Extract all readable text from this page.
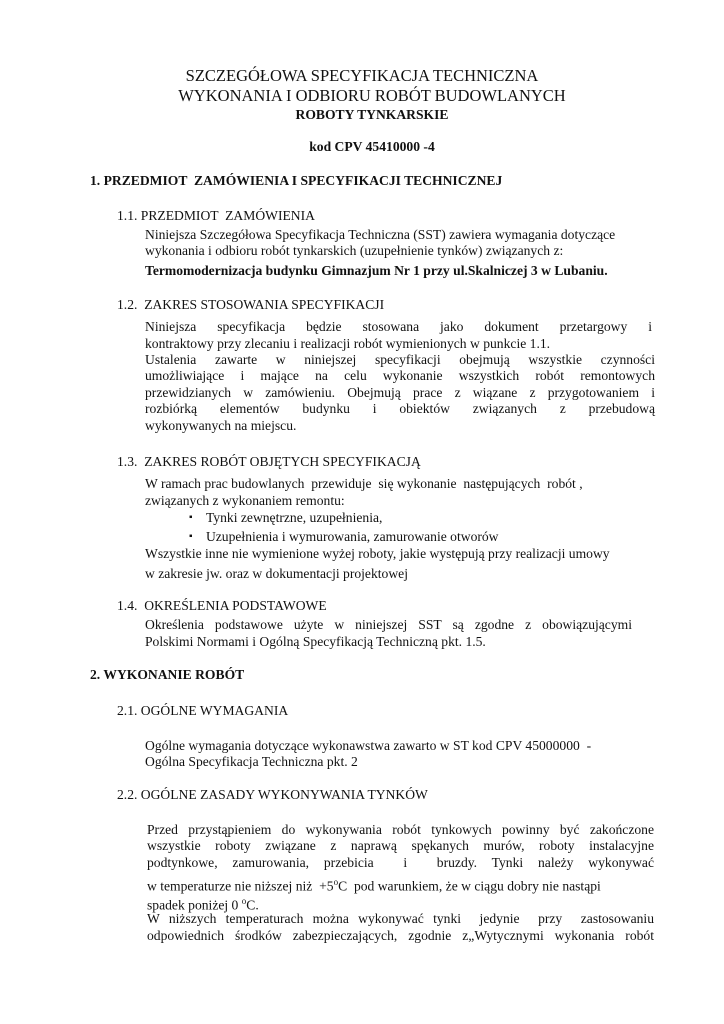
SZCZEGÓŁOWA SPECYFIKACJA TECHNICZNA
WYKONANIA I ODBIORU ROBÓT BUDOWLANYCH
ROBOTY TYNKARSKIE
kod CPV 45410000 -4
1. PRZEDMIOT  ZAMÓWIENIA I SPECYFIKACJI TECHNICZNEJ
1.1. PRZEDMIOT  ZAMÓWIENIA
Niniejsza Szczegółowa Specyfikacja Techniczna (SST) zawiera wymagania dotyczące
wykonania i odbioru robót tynkarskich (uzupełnienie tynków) związanych z:
Termomodernizacja budynku Gimnazjum Nr 1 przy ul.Skalniczej 3 w Lubaniu.
1.2.  ZAKRES STOSOWANIA SPECYFIKACJI
Niniejsza specyfikacja będzie stosowana jako dokument przetargowy i
kontraktowy przy zlecaniu i realizacji robót wymienionych w punkcie 1.1.
Ustalenia zawarte w niniejszej specyfikacji obejmują wszystkie czynności
umożliwiające i mające na celu wykonanie wszystkich robót remontowych
przewidzianych w zamówieniu. Obejmują prace z wiązane z przygotowaniem i
rozbiórką elementów budynku i obiektów związanych z przebudową
wykonywanych na miejscu.
1.3.  ZAKRES ROBÓT OBJĘTYCH SPECYFIKACJĄ
W ramach prac budowlanych  przewiduje  się wykonanie  następujących  robót ,
związanych z wykonaniem remontu:
▪ Tynki zewnętrzne, uzupełnienia,
▪ Uzupełnienia i wymurowania, zamurowanie otworów
Wszystkie inne nie wymienione wyżej roboty, jakie występują przy realizacji umowy
w zakresie jw. oraz w dokumentacji projektowej
1.4.  OKREŚLENIA PODSTAWOWE
Określenia podstawowe użyte w niniejszej SST są zgodne z obowiązującymi
Polskimi Normami i Ogólną Specyfikacją Techniczną pkt. 1.5.
2. WYKONANIE ROBÓT
2.1. OGÓLNE WYMAGANIA
Ogólne wymagania dotyczące wykonawstwa zawarto w ST kod CPV 45000000  -
Ogólna Specyfikacja Techniczna pkt. 2
2.2. OGÓLNE ZASADY WYKONYWANIA TYNKÓW
Przed przystąpieniem do wykonywania robót tynkowych powinny być zakończone
wszystkie roboty związane z naprawą spękanych murów, roboty instalacyjne
podtynkowe, zamurowania, przebicia  i  bruzdy. Tynki należy wykonywać
w temperaturze nie niższej niż  $+5^oC$  pod warunkiem, że w ciągu dobry nie nastąpi
spadek poniżej 0 $^o$C.
W niższych temperaturach można wykonywać tynki  jedynie  przy  zastosowaniu
odpowiednich środków zabezpieczających, zgodnie z„Wytycznymi wykonania robót
